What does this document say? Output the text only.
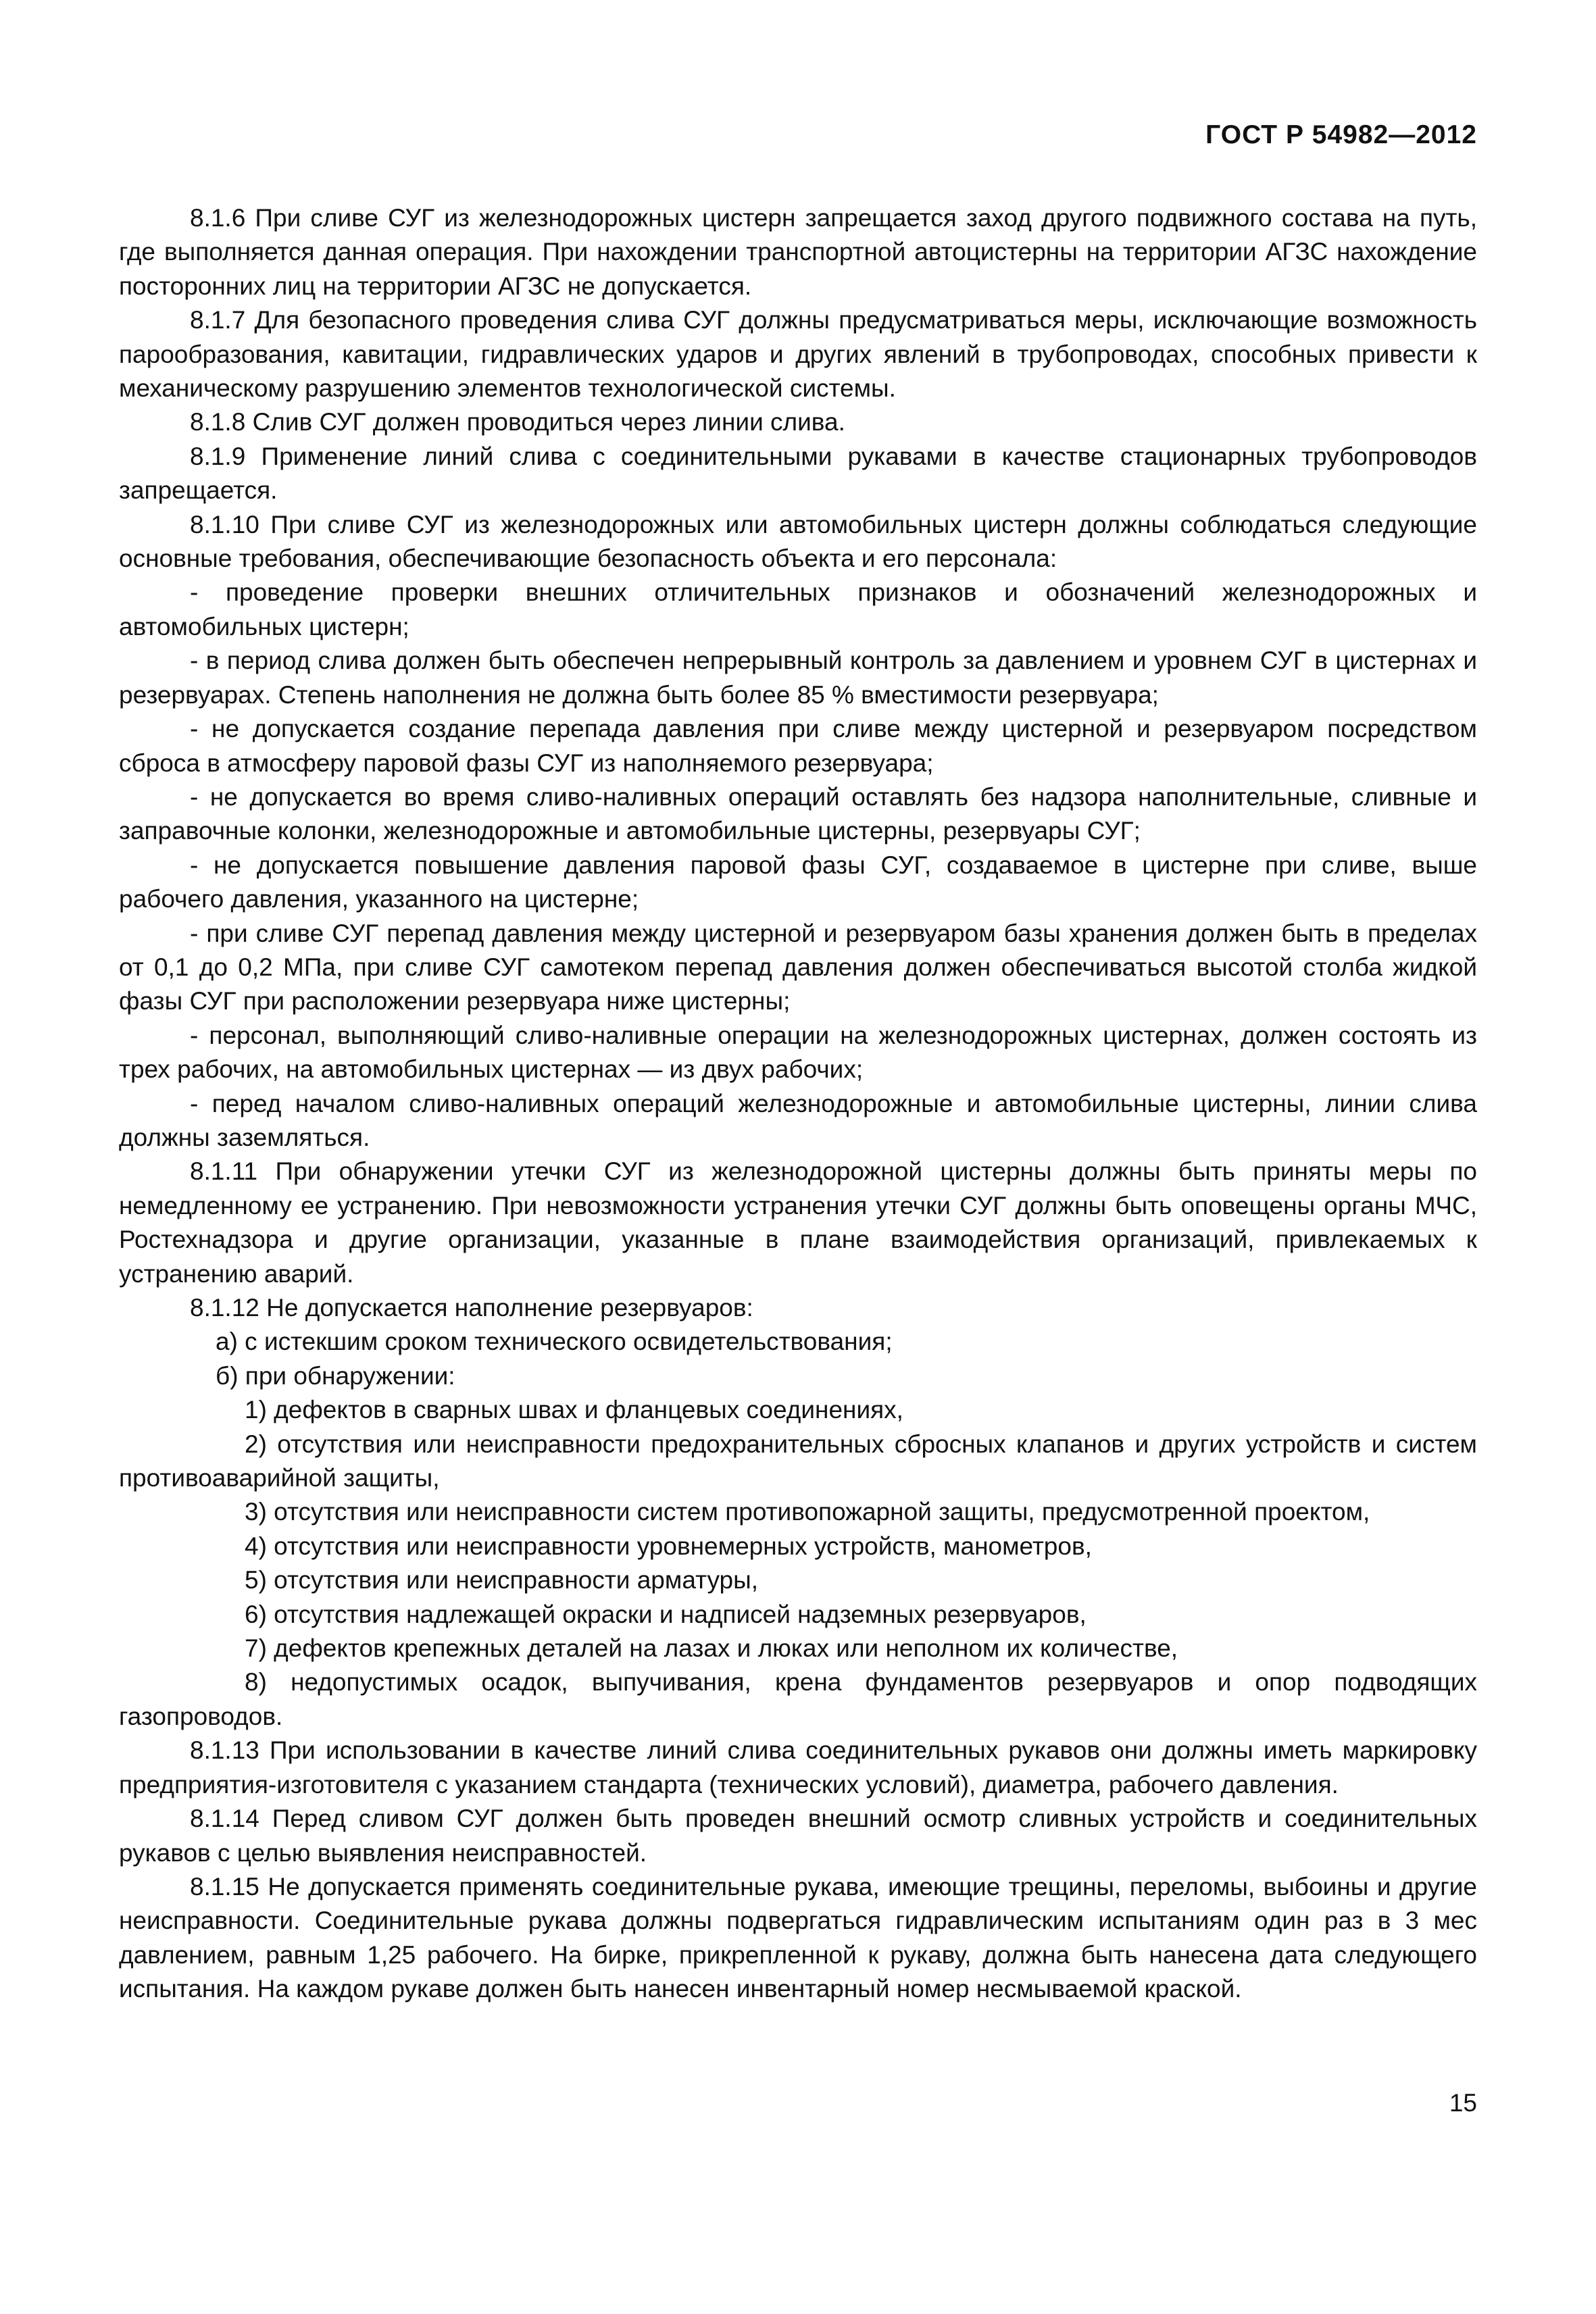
ГОСТ Р 54982—2012

8.1.6 При сливе СУГ из железнодорожных цистерн запрещается заход другого подвижного состава на путь, где выполняется данная операция. При нахождении транспортной автоцистерны на территории АГЗС нахождение посторонних лиц на территории АГЗС не допускается.

8.1.7 Для безопасного проведения слива СУГ должны предусматриваться меры, исключающие возможность парообразования, кавитации, гидравлических ударов и других явлений в трубопроводах, способных привести к механическому разрушению элементов технологической системы.

8.1.8 Слив СУГ должен проводиться через линии слива.

8.1.9 Применение линий слива с соединительными рукавами в качестве стационарных трубопроводов запрещается.

8.1.10 При сливе СУГ из железнодорожных или автомобильных цистерн должны соблюдаться следующие основные требования, обеспечивающие безопасность объекта и его персонала:

- проведение проверки внешних отличительных признаков и обозначений железнодорожных и автомобильных цистерн;

- в период слива должен быть обеспечен непрерывный контроль за давлением и уровнем СУГ в цистернах и резервуарах. Степень наполнения не должна быть более 85 % вместимости резервуара;

- не допускается создание перепада давления при сливе между цистерной и резервуаром посредством сброса в атмосферу паровой фазы СУГ из наполняемого резервуара;

- не допускается во время сливо-наливных операций оставлять без надзора наполнительные, сливные и заправочные колонки, железнодорожные и автомобильные цистерны, резервуары СУГ;

- не допускается повышение давления паровой фазы СУГ, создаваемое в цистерне при сливе, выше рабочего давления, указанного на цистерне;

- при сливе СУГ перепад давления между цистерной и резервуаром базы хранения должен быть в пределах от 0,1 до 0,2 МПа, при сливе СУГ самотеком перепад давления должен обеспечиваться высотой столба жидкой фазы СУГ при расположении резервуара ниже цистерны;

- персонал, выполняющий сливо-наливные операции на железнодорожных цистернах, должен состоять из трех рабочих, на автомобильных цистернах — из двух рабочих;

- перед началом сливо-наливных операций железнодорожные и автомобильные цистерны, линии слива должны заземляться.

8.1.11 При обнаружении утечки СУГ из железнодорожной цистерны должны быть приняты меры по немедленному ее устранению. При невозможности устранения утечки СУГ должны быть оповещены органы МЧС, Ростехнадзора и другие организации, указанные в плане взаимодействия организаций, привлекаемых к устранению аварий.

8.1.12 Не допускается наполнение резервуаров:

а) с истекшим сроком технического освидетельствования;

б) при обнаружении:

1) дефектов в сварных швах и фланцевых соединениях,

2) отсутствия или неисправности предохранительных сбросных клапанов и других устройств и систем противоаварийной защиты,

3) отсутствия или неисправности систем противопожарной защиты, предусмотренной проектом,

4) отсутствия или неисправности уровнемерных устройств, манометров,

5) отсутствия или неисправности арматуры,

6) отсутствия надлежащей окраски и надписей надземных резервуаров,

7) дефектов крепежных деталей на лазах и люках или неполном их количестве,

8) недопустимых осадок, выпучивания, крена фундаментов резервуаров и опор подводящих газопроводов.

8.1.13 При использовании в качестве линий слива соединительных рукавов они должны иметь маркировку предприятия-изготовителя с указанием стандарта (технических условий), диаметра, рабочего давления.

8.1.14 Перед сливом СУГ должен быть проведен внешний осмотр сливных устройств и соединительных рукавов с целью выявления неисправностей.

8.1.15 Не допускается применять соединительные рукава, имеющие трещины, переломы, выбоины и другие неисправности. Соединительные рукава должны подвергаться гидравлическим испытаниям один раз в 3 мес давлением, равным 1,25 рабочего. На бирке, прикрепленной к рукаву, должна быть нанесена дата следующего испытания. На каждом рукаве должен быть нанесен инвентарный номер несмываемой краской.

15
